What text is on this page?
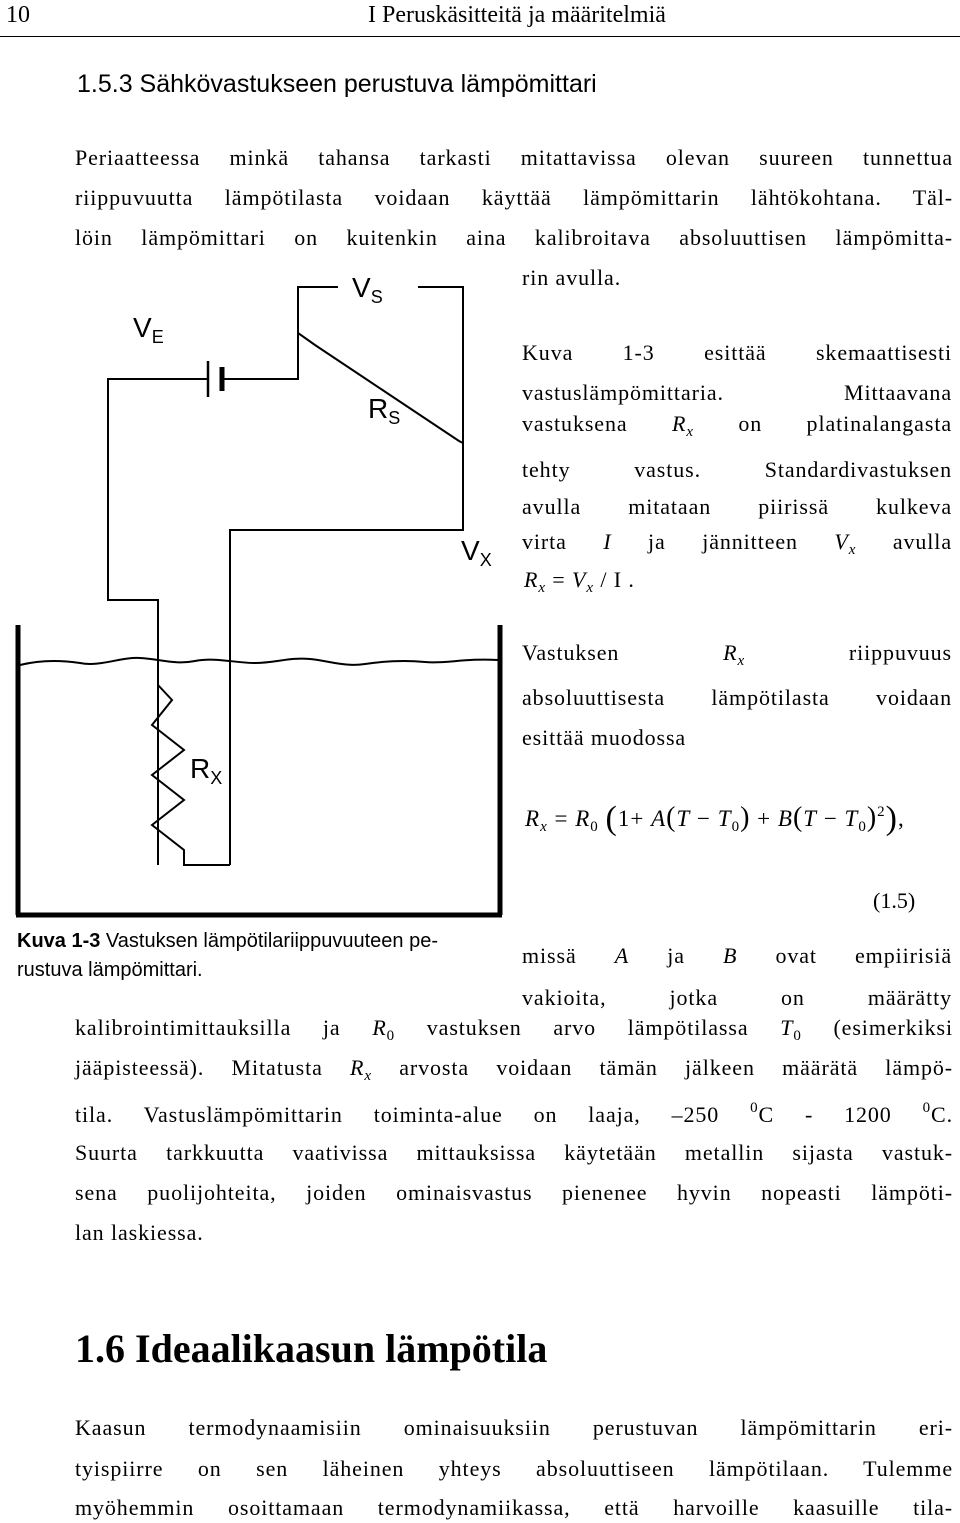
10	I Peruskäsitteitä ja määritelmiä
1.5.3 Sähkövastukseen perustuva lämpömittari
Periaatteessa minkä tahansa tarkasti mitattavissa olevan suureen tunnettua
riippuvuutta lämpötilasta voidaan käyttää lämpömittarin lähtökohtana. Täl-
löin lämpömittari on kuitenkin aina kalibroitava absoluuttisen lämpömitta-
rin avulla.
$V_E$
$V_S$
$R_S$
$V_X$
$R_X$
Kuva 1-3 esittää skemaattisesti
vastuslämpömittaria. Mittaavana
vastuksena $R_x$ on platinalangasta
tehty vastus. Standardivastuksen
avulla mitataan piirissä kulkeva
virta I ja jännitteen $V_x$ avulla
$R_x = V_x / I$ .
Vastuksen	$R_x$	riippuvuus
absoluuttisesta lämpötilasta voidaan
esittää muodossa
$R_x = R_0$ $(1+ A(T - T_0) + B(T - T_0)^2)$,
(1.5)
Kuva 1-3 Vastuksen lämpötilariippuvuuteen pe-
rustuva lämpömittari.
missä A ja B ovat empiirisiä
vakioita, jotka on määrätty
kalibrointimittauksilla ja $R_0$ vastuksen arvo lämpötilassa $T_0$ (esimerkiksi
jääpisteessä). Mitatusta $R_x$ arvosta voidaan tämän jälkeen määrätä lämpö-
tila. Vastuslämpömittarin toiminta-alue on laaja, –250 $^0$C - 1200 $^0$C.
Suurta tarkkuutta vaativissa mittauksissa käytetään metallin sijasta vastuk-
sena puolijohteita, joiden ominaisvastus pienenee hyvin nopeasti lämpöti-
lan laskiessa.
1.6 Ideaalikaasun lämpötila
Kaasun termodynaamisiin ominaisuuksiin perustuvan lämpömittarin eri-
tyispiirre on sen läheinen yhteys absoluuttiseen lämpötilaan. Tulemme
myöhemmin osoittamaan termodynamiikassa, että harvoille kaasuille tila-
